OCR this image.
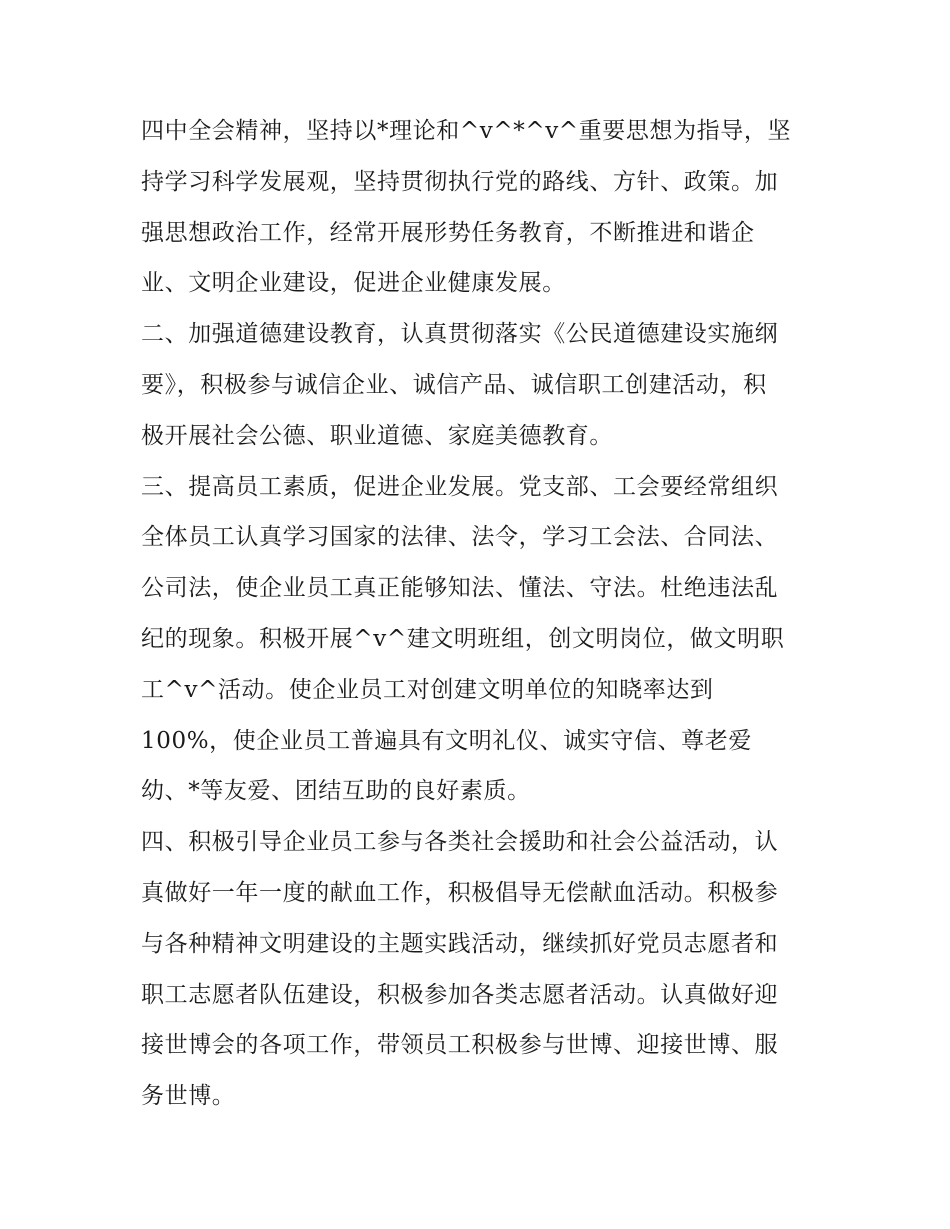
四中全会精神，坚持以*理论和^v^*^v^重要思想为指导，坚
持学习科学发展观，坚持贯彻执行党的路线、方针、政策。加
强思想政治工作，经常开展形势任务教育，不断推进和谐企
业、文明企业建设，促进企业健康发展。
二、加强道德建设教育，认真贯彻落实《公民道德建设实施纲
要》，积极参与诚信企业、诚信产品、诚信职工创建活动，积
极开展社会公德、职业道德、家庭美德教育。
三、提高员工素质，促进企业发展。党支部、工会要经常组织
全体员工认真学习国家的法律、法令，学习工会法、合同法、
公司法，使企业员工真正能够知法、懂法、守法。杜绝违法乱
纪的现象。积极开展^v^建文明班组，创文明岗位，做文明职
工^v^活动。使企业员工对创建文明单位的知晓率达到
100%，使企业员工普遍具有文明礼仪、诚实守信、尊老爱
幼、*等友爱、团结互助的良好素质。
四、积极引导企业员工参与各类社会援助和社会公益活动，认
真做好一年一度的献血工作，积极倡导无偿献血活动。积极参
与各种精神文明建设的主题实践活动，继续抓好党员志愿者和
职工志愿者队伍建设，积极参加各类志愿者活动。认真做好迎
接世博会的各项工作，带领员工积极参与世博、迎接世博、服
务世博。
